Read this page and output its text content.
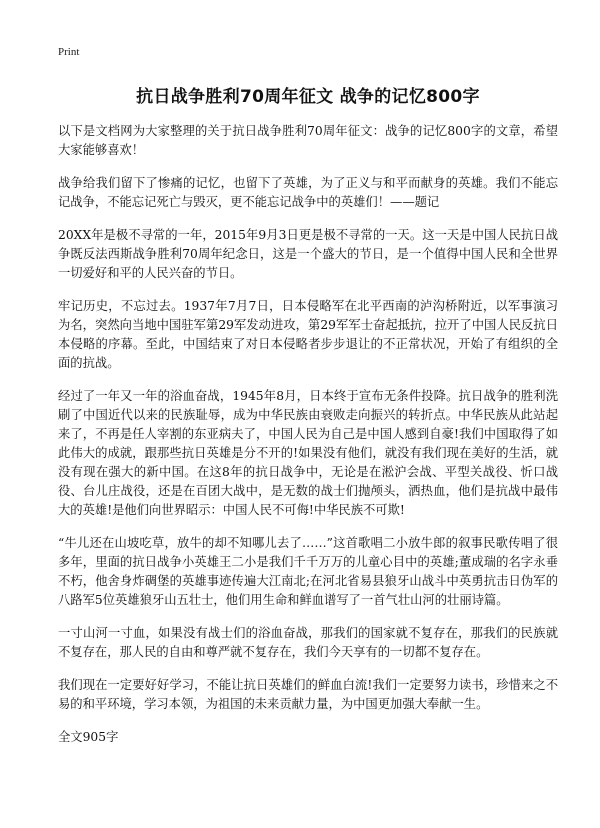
Print
抗日战争胜利70周年征文 战争的记忆800字

以下是文档网为大家整理的关于抗日战争胜利70周年征文：战争的记忆800字的文章，希望大家能够喜欢！

战争给我们留下了惨痛的记忆，也留下了英雄，为了正义与和平而献身的英雄。我们不能忘记战争，不能忘记死亡与毁灭，更不能忘记战争中的英雄们！——题记

20XX年是极不寻常的一年，2015年9月3日更是极不寻常的一天。这一天是中国人民抗日战争既反法西斯战争胜利70周年纪念日，这是一个盛大的节日，是一个值得中国人民和全世界一切爱好和平的人民兴奋的节日。

牢记历史，不忘过去。1937年7月7日，日本侵略军在北平西南的泸沟桥附近，以军事演习为名，突然向当地中国驻军第29军发动进攻，第29军军士奋起抵抗，拉开了中国人民反抗日本侵略的序幕。至此，中国结束了对日本侵略者步步退让的不正常状况，开始了有组织的全面的抗战。

经过了一年又一年的浴血奋战，1945年8月，日本终于宣布无条件投降。抗日战争的胜利洗刷了中国近代以来的民族耻辱，成为中华民族由衰败走向振兴的转折点。中华民族从此站起来了，不再是任人宰割的东亚病夫了，中国人民为自己是中国人感到自豪!我们中国取得了如此伟大的成就，跟那些抗日英雄是分不开的!如果没有他们，就没有我们现在美好的生活，就没有现在强大的新中国。在这8年的抗日战争中，无论是在淞沪会战、平型关战役、忻口战役、台儿庄战役，还是在百团大战中，是无数的战士们抛颅头，洒热血，他们是抗战中最伟大的英雄!是他们向世界昭示：中国人民不可侮!中华民族不可欺!

“牛儿还在山坡吃草，放牛的却不知哪儿去了……”这首歌唱二小放牛郎的叙事民歌传唱了很多年，里面的抗日战争小英雄王二小是我们千千万万的儿童心目中的英雄;董成瑞的名字永垂不朽，他舍身炸碉堡的英雄事迹传遍大江南北;在河北省易县狼牙山战斗中英勇抗击日伪军的八路军5位英雄狼牙山五壮士，他们用生命和鲜血谱写了一首气壮山河的壮丽诗篇。

一寸山河一寸血，如果没有战士们的浴血奋战，那我们的国家就不复存在，那我们的民族就不复存在，那人民的自由和尊严就不复存在，我们今天享有的一切都不复存在。

我们现在一定要好好学习，不能让抗日英雄们的鲜血白流!我们一定要努力读书，珍惜来之不易的和平环境，学习本领，为祖国的未来贡献力量，为中国更加强大奉献一生。

全文905字
